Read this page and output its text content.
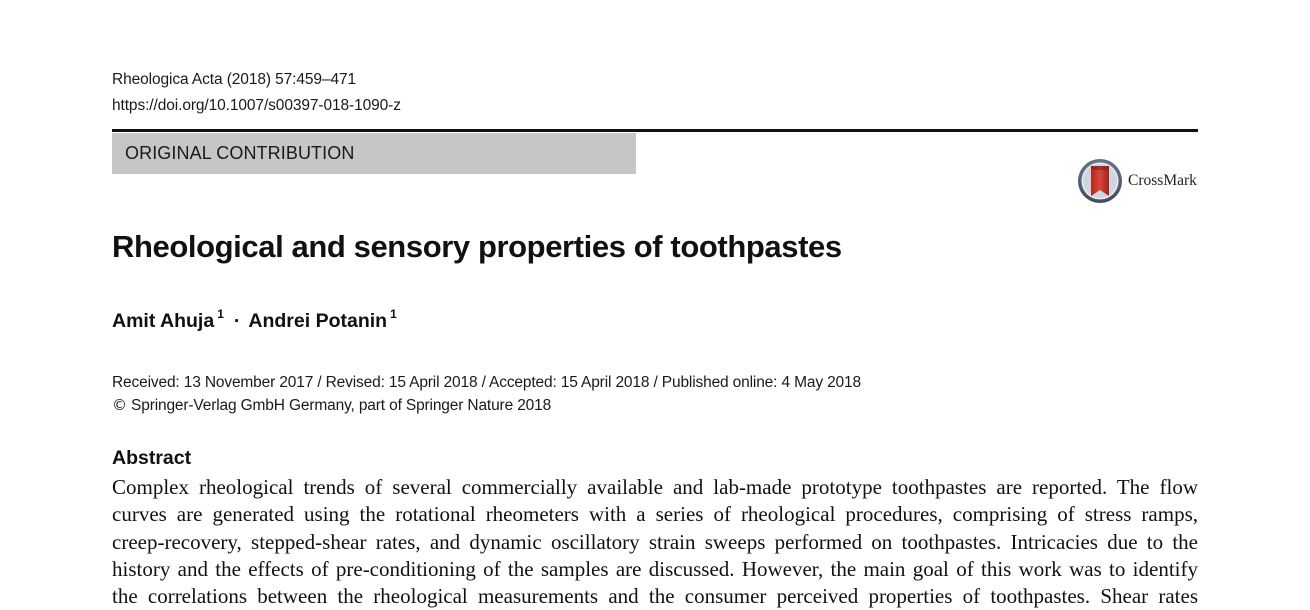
Rheologica Acta (2018) 57:459–471
https://doi.org/10.1007/s00397-018-1090-z
ORIGINAL CONTRIBUTION
CrossMark
Rheological and sensory properties of toothpastes
Amit Ahuja $^1$ · Andrei Potanin $^1$
Received: 13 November 2017 / Revised: 15 April 2018 / Accepted: 15 April 2018 / Published online: 4 May 2018
© Springer-Verlag GmbH Germany, part of Springer Nature 2018
Abstract
Complex rheological trends of several commercially available and lab-made prototype toothpastes are reported. The flow
curves are generated using the rotational rheometers with a series of rheological procedures, comprising of stress ramps,
creep-recovery, stepped-shear rates, and dynamic oscillatory strain sweeps performed on toothpastes. Intricacies due to the
history and the effects of pre-conditioning of the samples are discussed. However, the main goal of this work was to identify
the correlations between the rheological measurements and the consumer perceived properties of toothpastes. Shear rates
